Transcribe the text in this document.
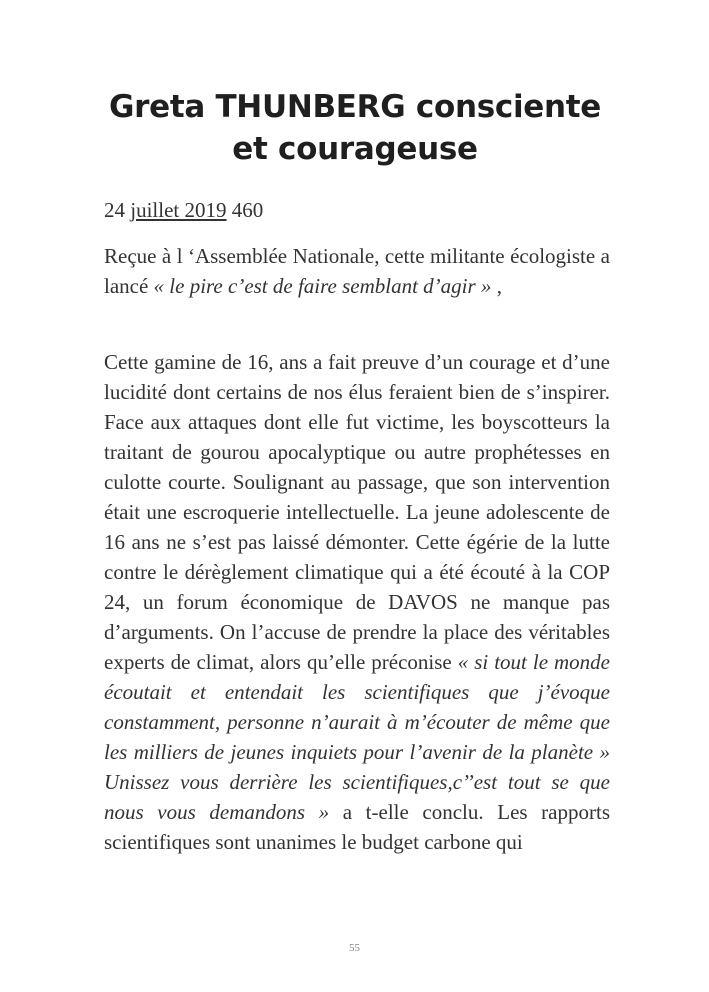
Greta THUNBERG consciente
et courageuse
24 juillet 2019 460

Reçue à l ‘Assemblée Nationale, cette militante écologiste a lancé « le pire c’est de faire semblant d’agir » ,

Cette gamine de 16, ans a fait preuve d’un courage et d’une lucidité dont certains de nos élus feraient bien de s’inspirer. Face aux attaques dont elle fut victime, les boyscotteurs la traitant de gourou apocalyptique ou autre prophétesses en culotte courte. Soulignant au passage, que son intervention était une escroquerie intellectuelle. La jeune adolescente de 16 ans ne s’est pas laissé démonter. Cette égérie de la lutte contre le dérèglement climatique qui a été écouté à la COP 24, un forum économique de DAVOS ne manque pas d’arguments. On l’accuse de prendre la place des véritables experts de climat, alors qu’elle préconise « si tout le monde écoutait et entendait les scientifiques que j’évoque constamment, personne n’aurait à m’écouter de même que les milliers de jeunes inquiets pour l’avenir de la planète » Unissez vous derrière les scientifiques,c’’est tout se que nous vous demandons » a t-elle conclu. Les rapports scientifiques sont unanimes le budget carbone qui

55
